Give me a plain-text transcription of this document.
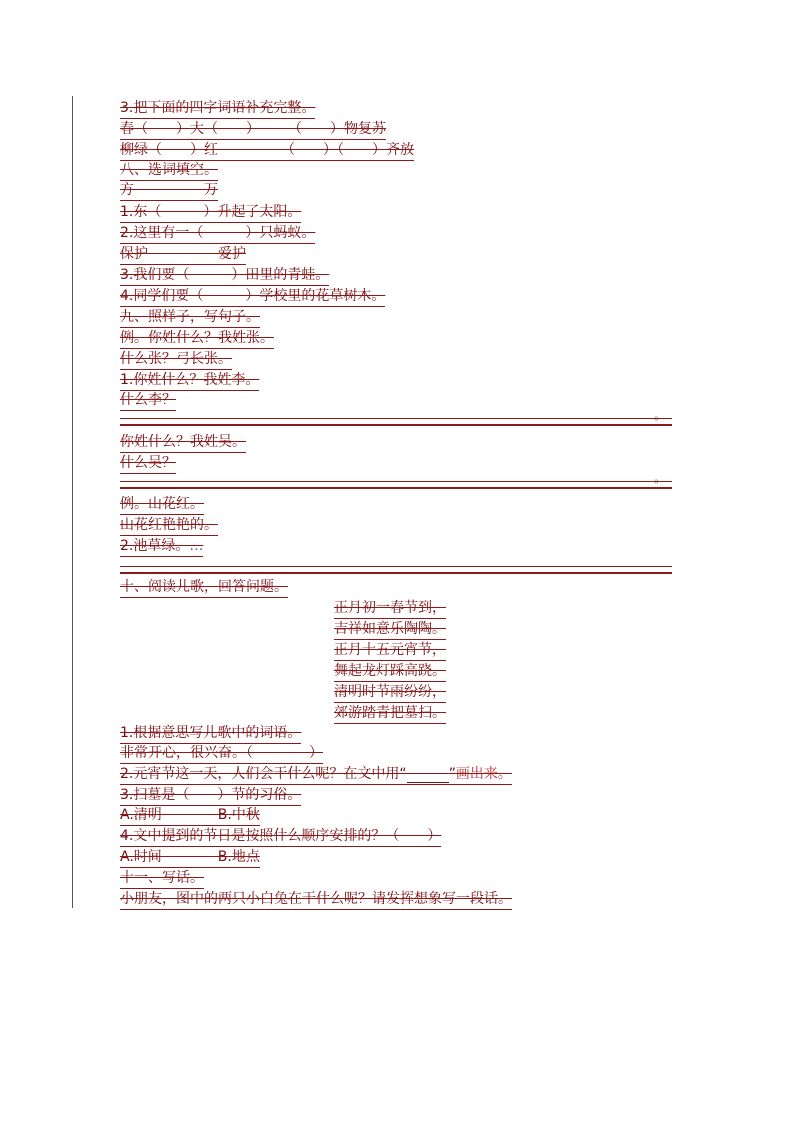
3.把下面的四字词语补充完整。
春（　　）大（　　）　　　（　　）物复苏
柳绿（　　）红　　　　　（　　）（　　）齐放
八、选词填空。
方　　　　　万
1.东（　　　）升起了太阳。
2.这里有一（　　　）只蚂蚁。
保护　　　　　爱护
3.我们要（　　　）田里的青蛙。
4.同学们要（　　　）学校里的花草树木。
九、照样子，写句子。
例。你姓什么？我姓张。
什么张？弓长张。
1.你姓什么？我姓李。
什么李？
。
你姓什么？我姓吴。
什么吴？
。
例。山花红。
山花红艳艳的。
2.池草绿。…
十、阅读儿歌，回答问题。
正月初一春节到，
吉祥如意乐陶陶。
正月十五元宵节，
舞起龙灯踩高跷。
清明时节雨纷纷，
郊游踏青把墓扫。
1.根据意思写儿歌中的词语。
非常开心，很兴奋。（　　　　）
2.元宵节这一天，人们会干什么呢？在文中用“　　　	”画出来。
3.扫墓是（　　）节的习俗。
A.清明　　　　B.中秋
4.文中提到的节日是按照什么顺序安排的？（　　）
A.时间　　　　B.地点
十一、写话。
小朋友，图中的两只小白兔在干什么呢？请发挥想象写一段话。
